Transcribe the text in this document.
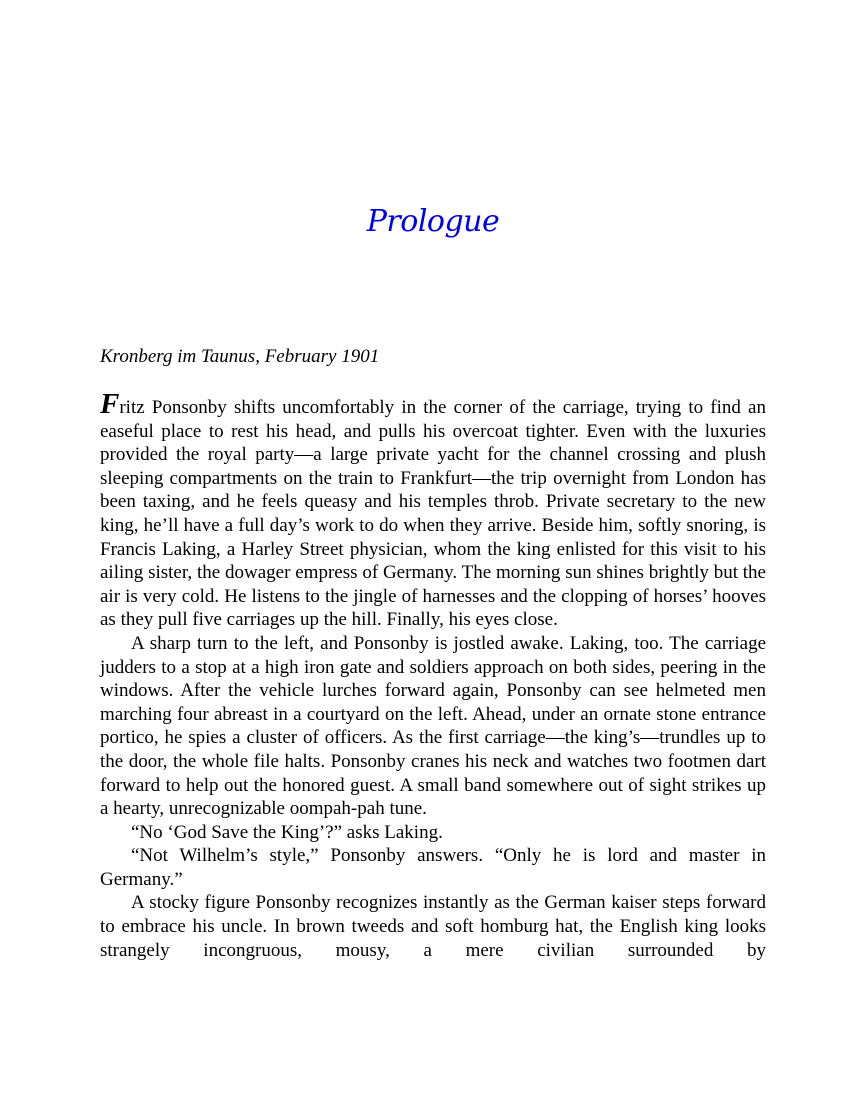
Prologue

Kronberg im Taunus, February 1901

Fritz Ponsonby shifts uncomfortably in the corner of the carriage, trying to find an easeful place to rest his head, and pulls his overcoat tighter. Even with the luxuries provided the royal party—a large private yacht for the channel crossing and plush sleeping compartments on the train to Frankfurt—the trip overnight from London has been taxing, and he feels queasy and his temples throb. Private secretary to the new king, he’ll have a full day’s work to do when they arrive. Beside him, softly snoring, is Francis Laking, a Harley Street physician, whom the king enlisted for this visit to his ailing sister, the dowager empress of Germany. The morning sun shines brightly but the air is very cold. He listens to the jingle of harnesses and the clopping of horses’ hooves as they pull five carriages up the hill. Finally, his eyes close.

A sharp turn to the left, and Ponsonby is jostled awake. Laking, too. The carriage judders to a stop at a high iron gate and soldiers approach on both sides, peering in the windows. After the vehicle lurches forward again, Ponsonby can see helmeted men marching four abreast in a courtyard on the left. Ahead, under an ornate stone entrance portico, he spies a cluster of officers. As the first carriage—the king’s—trundles up to the door, the whole file halts. Ponsonby cranes his neck and watches two footmen dart forward to help out the honored guest. A small band somewhere out of sight strikes up a hearty, unrecognizable oompah-pah tune.

“No ‘God Save the King’?” asks Laking.

“Not Wilhelm’s style,” Ponsonby answers. “Only he is lord and master in Germany.”

A stocky figure Ponsonby recognizes instantly as the German kaiser steps forward to embrace his uncle. In brown tweeds and soft homburg hat, the English king looks strangely incongruous, mousy, a mere civilian surrounded by
